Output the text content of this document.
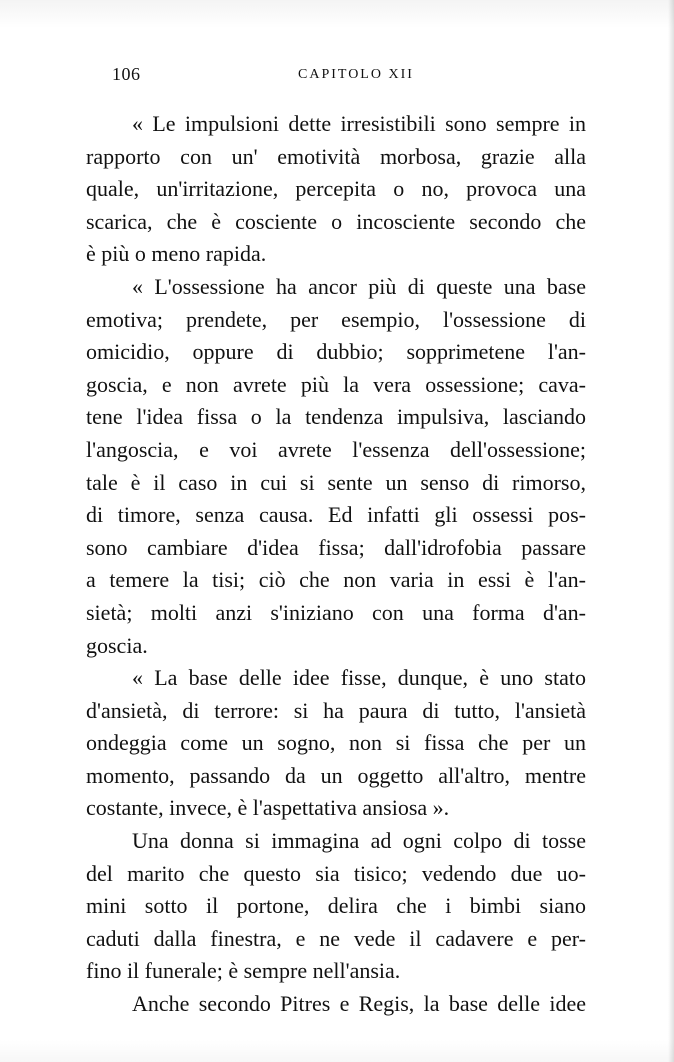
106	CAPITOLO XII
« Le impulsioni dette irresistibili sono sempre in
rapporto con un' emotività morbosa, grazie alla
quale, un'irritazione, percepita o no, provoca una
scarica, che è cosciente o incosciente secondo che
è più o meno rapida.
« L'ossessione ha ancor più di queste una base
emotiva; prendete, per esempio, l'ossessione di
omicidio, oppure di dubbio; sopprimetene l'an-
goscia, e non avrete più la vera ossessione; cava-
tene l'idea fissa o la tendenza impulsiva, lasciando
l'angoscia, e voi avrete l'essenza dell'ossessione;
tale è il caso in cui si sente un senso di rimorso,
di timore, senza causa. Ed infatti gli ossessi pos-
sono cambiare d'idea fissa; dall'idrofobia passare
a temere la tisi; ciò che non varia in essi è l'an-
sietà; molti anzi s'iniziano con una forma d'an-
goscia.
« La base delle idee fisse, dunque, è uno stato
d'ansietà, di terrore: si ha paura di tutto, l'ansietà
ondeggia come un sogno, non si fissa che per un
momento, passando da un oggetto all'altro, mentre
costante, invece, è l'aspettativa ansiosa ».
Una donna si immagina ad ogni colpo di tosse
del marito che questo sia tisico; vedendo due uo-
mini sotto il portone, delira che i bimbi siano
caduti dalla finestra, e ne vede il cadavere e per-
fino il funerale; è sempre nell'ansia.
Anche secondo Pitres e Regis, la base delle idee
